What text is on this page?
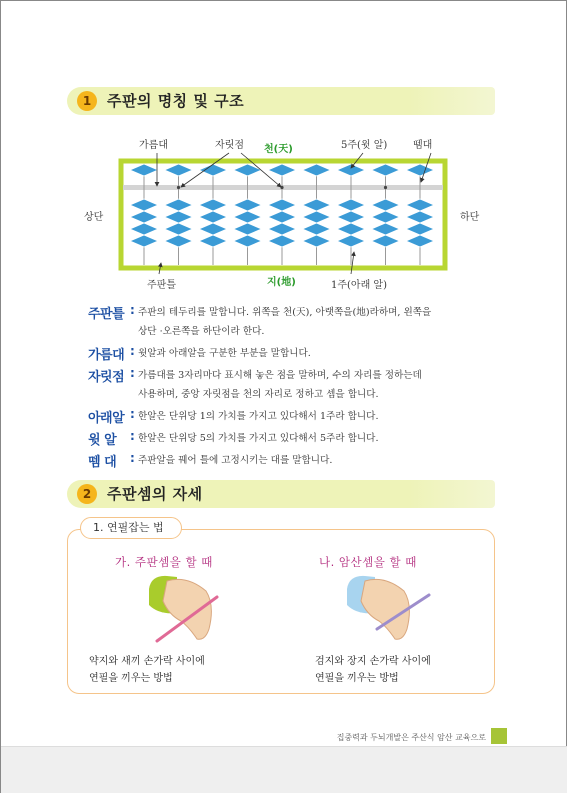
1	주판의 명칭 및 구조
가름대	자릿점 천(天)	5주(윗 알)	뗌대
상단	하단
주판틀	지(地)	1주(아래 알)
주판틀 : 주판의 테두리를 말합니다. 위쪽을 천(天), 아랫쪽을(地)라하며, 왼쪽을
상단 ·오른쪽을 하단이라 한다.
가름대 : 윗알과 아래알을 구분한 부분을 말합니다.
자릿점 : 가름대를 3자리마다 표시해 놓은 점을 말하며, 수의 자리를 정하는데
사용하며, 중앙 자릿점을 천의 자리로 정하고 셈을 합니다.
아래알 : 한알은 단위당 1의 가치를 가지고 있다해서 1주라 합니다.
윗 알	: 한알은 단위당 5의 가치를 가지고 있다해서 5주라 합니다.
뗌 대	: 주판알을 꿰어 틀에 고정시키는 대를 말합니다.
2	주판셈의 자세
1. 연필잡는 법
가. 주판셈을 할 때	나. 암산셈을 할 때
약지와 새끼 손가락 사이에
연필을 끼우는 방법
검지와 장지 손가락 사이에
연필을 끼우는 방법
집중력과 두뇌개발은 주산식 암산 교육으로
